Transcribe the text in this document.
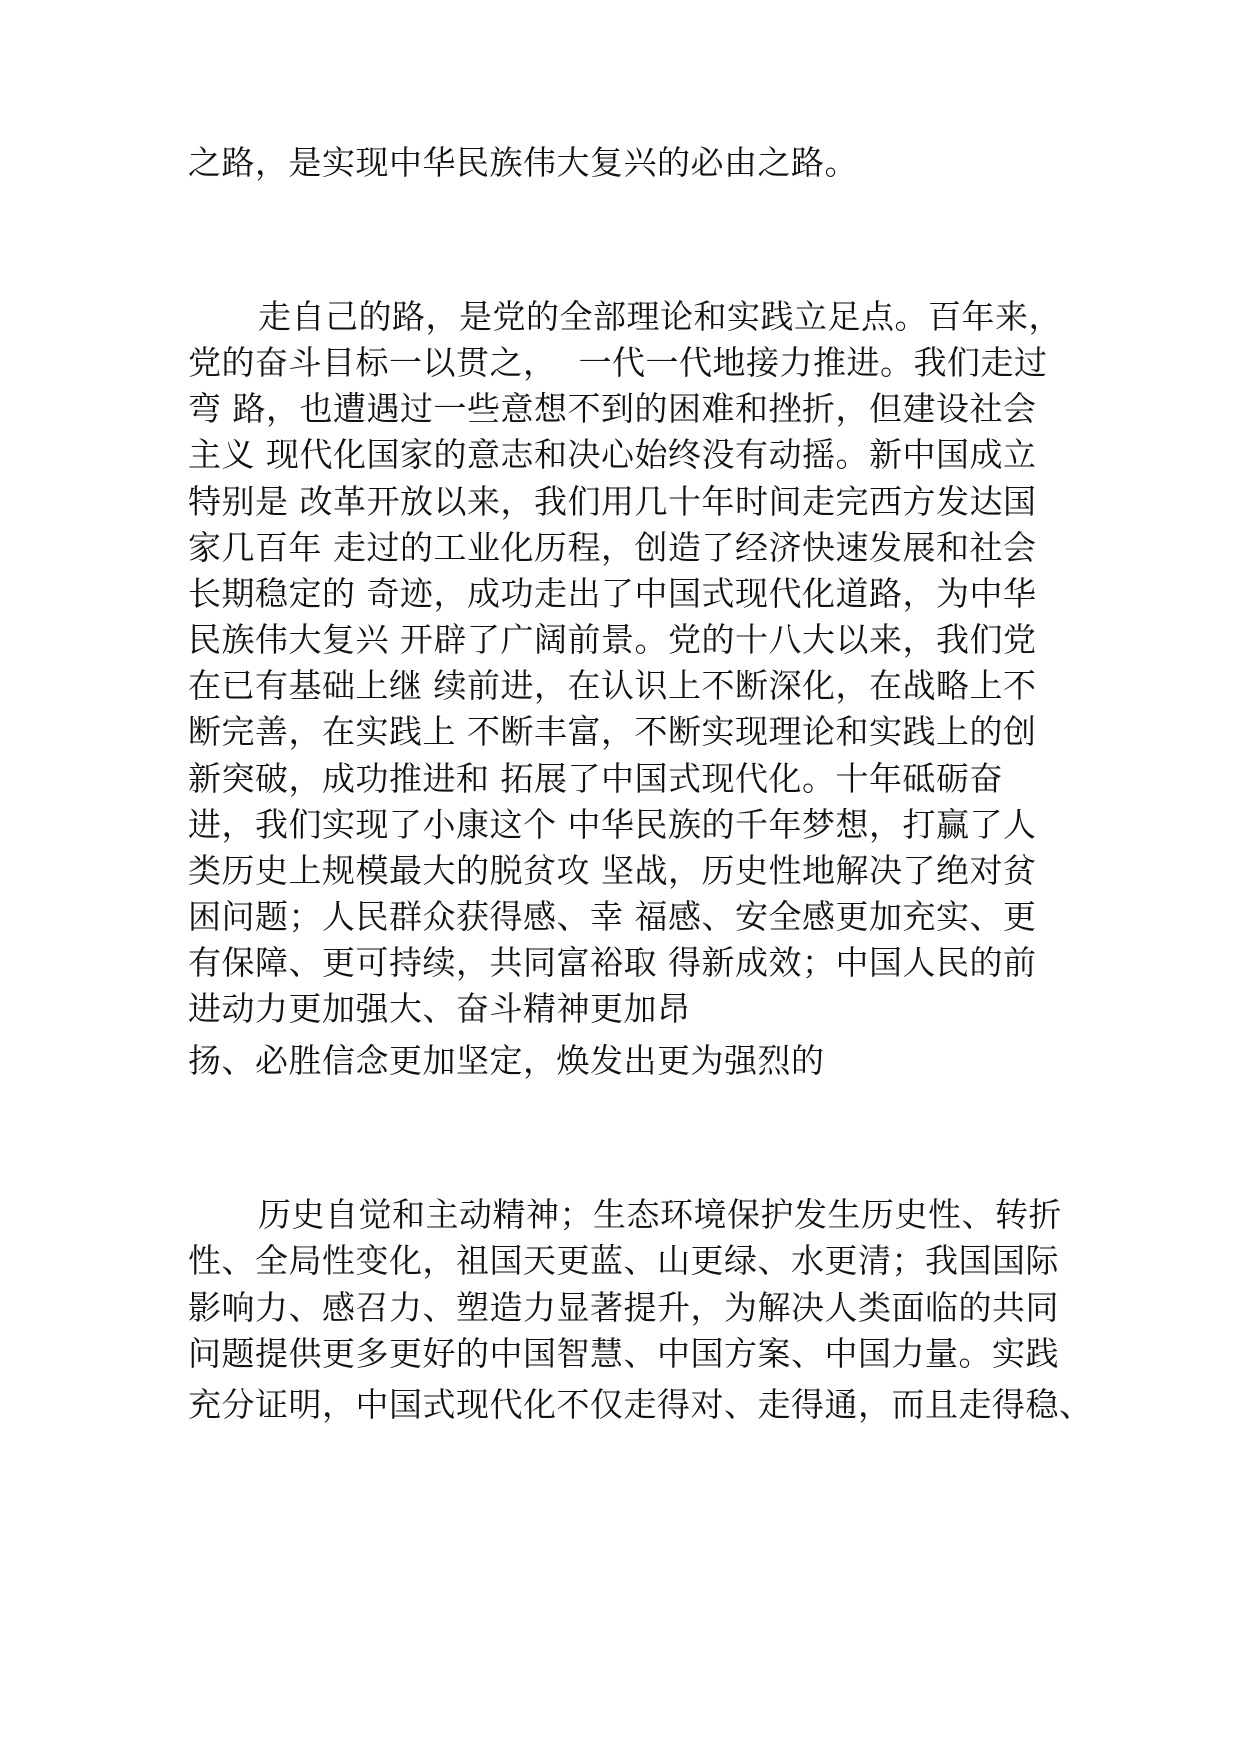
之路，是实现中华民族伟大复兴的必由之路。
走自己的路，是党的全部理论和实践立足点。百年来，
党的奋斗目标一以贯之，  一代一代地接力推进。我们走过
弯 路，也遭遇过一些意想不到的困难和挫折，但建设社会
主义 现代化国家的意志和决心始终没有动摇。新中国成立
特别是 改革开放以来，我们用几十年时间走完西方发达国
家几百年 走过的工业化历程，创造了经济快速发展和社会
长期稳定的 奇迹，成功走出了中国式现代化道路，为中华
民族伟大复兴 开辟了广阔前景。党的十八大以来，我们党
在已有基础上继 续前进，在认识上不断深化，在战略上不
断完善，在实践上 不断丰富，不断实现理论和实践上的创
新突破，成功推进和 拓展了中国式现代化。十年砥砺奋
进，我们实现了小康这个 中华民族的千年梦想，打赢了人
类历史上规模最大的脱贫攻 坚战，历史性地解决了绝对贫
困问题；人民群众获得感、幸 福感、安全感更加充实、更
有保障、更可持续，共同富裕取 得新成效；中国人民的前
进动力更加强大、奋斗精神更加昂
扬、必胜信念更加坚定，焕发出更为强烈的
历史自觉和主动精神；生态环境保护发生历史性、转折
性、全局性变化，祖国天更蓝、山更绿、水更清；我国国际
影响力、感召力、塑造力显著提升，为解决人类面临的共同
问题提供更多更好的中国智慧、中国方案、中国力量。实践
充分证明，中国式现代化不仅走得对、走得通，而且走得稳、
